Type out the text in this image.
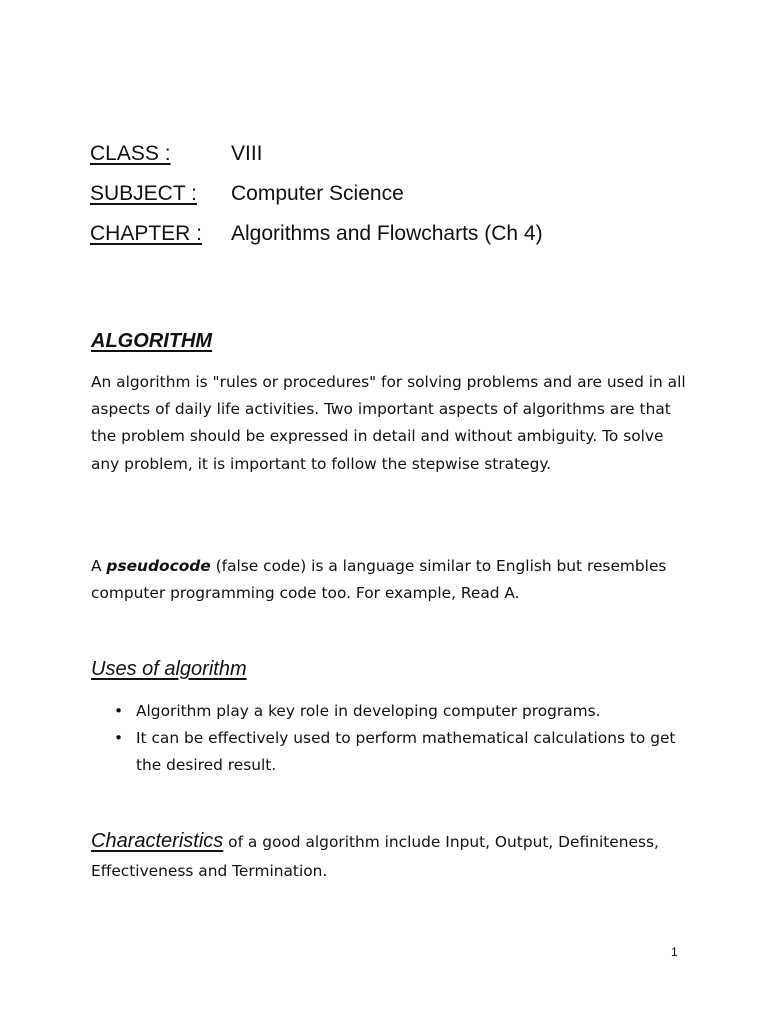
CLASS :	VIII
SUBJECT :	Computer Science
CHAPTER :	Algorithms and Flowcharts (Ch 4)
ALGORITHM
An algorithm is "rules or procedures" for solving problems and are used in all aspects of daily life activities. Two important aspects of algorithms are that the problem should be expressed in detail and without ambiguity. To solve any problem, it is important to follow the stepwise strategy.
A pseudocode (false code) is a language similar to English but resembles computer programming code too. For example, Read A.
Uses of algorithm
• Algorithm play a key role in developing computer programs.
• It can be effectively used to perform mathematical calculations to get the desired result.
Characteristics of a good algorithm include Input, Output, Definiteness, Effectiveness and Termination.
1
